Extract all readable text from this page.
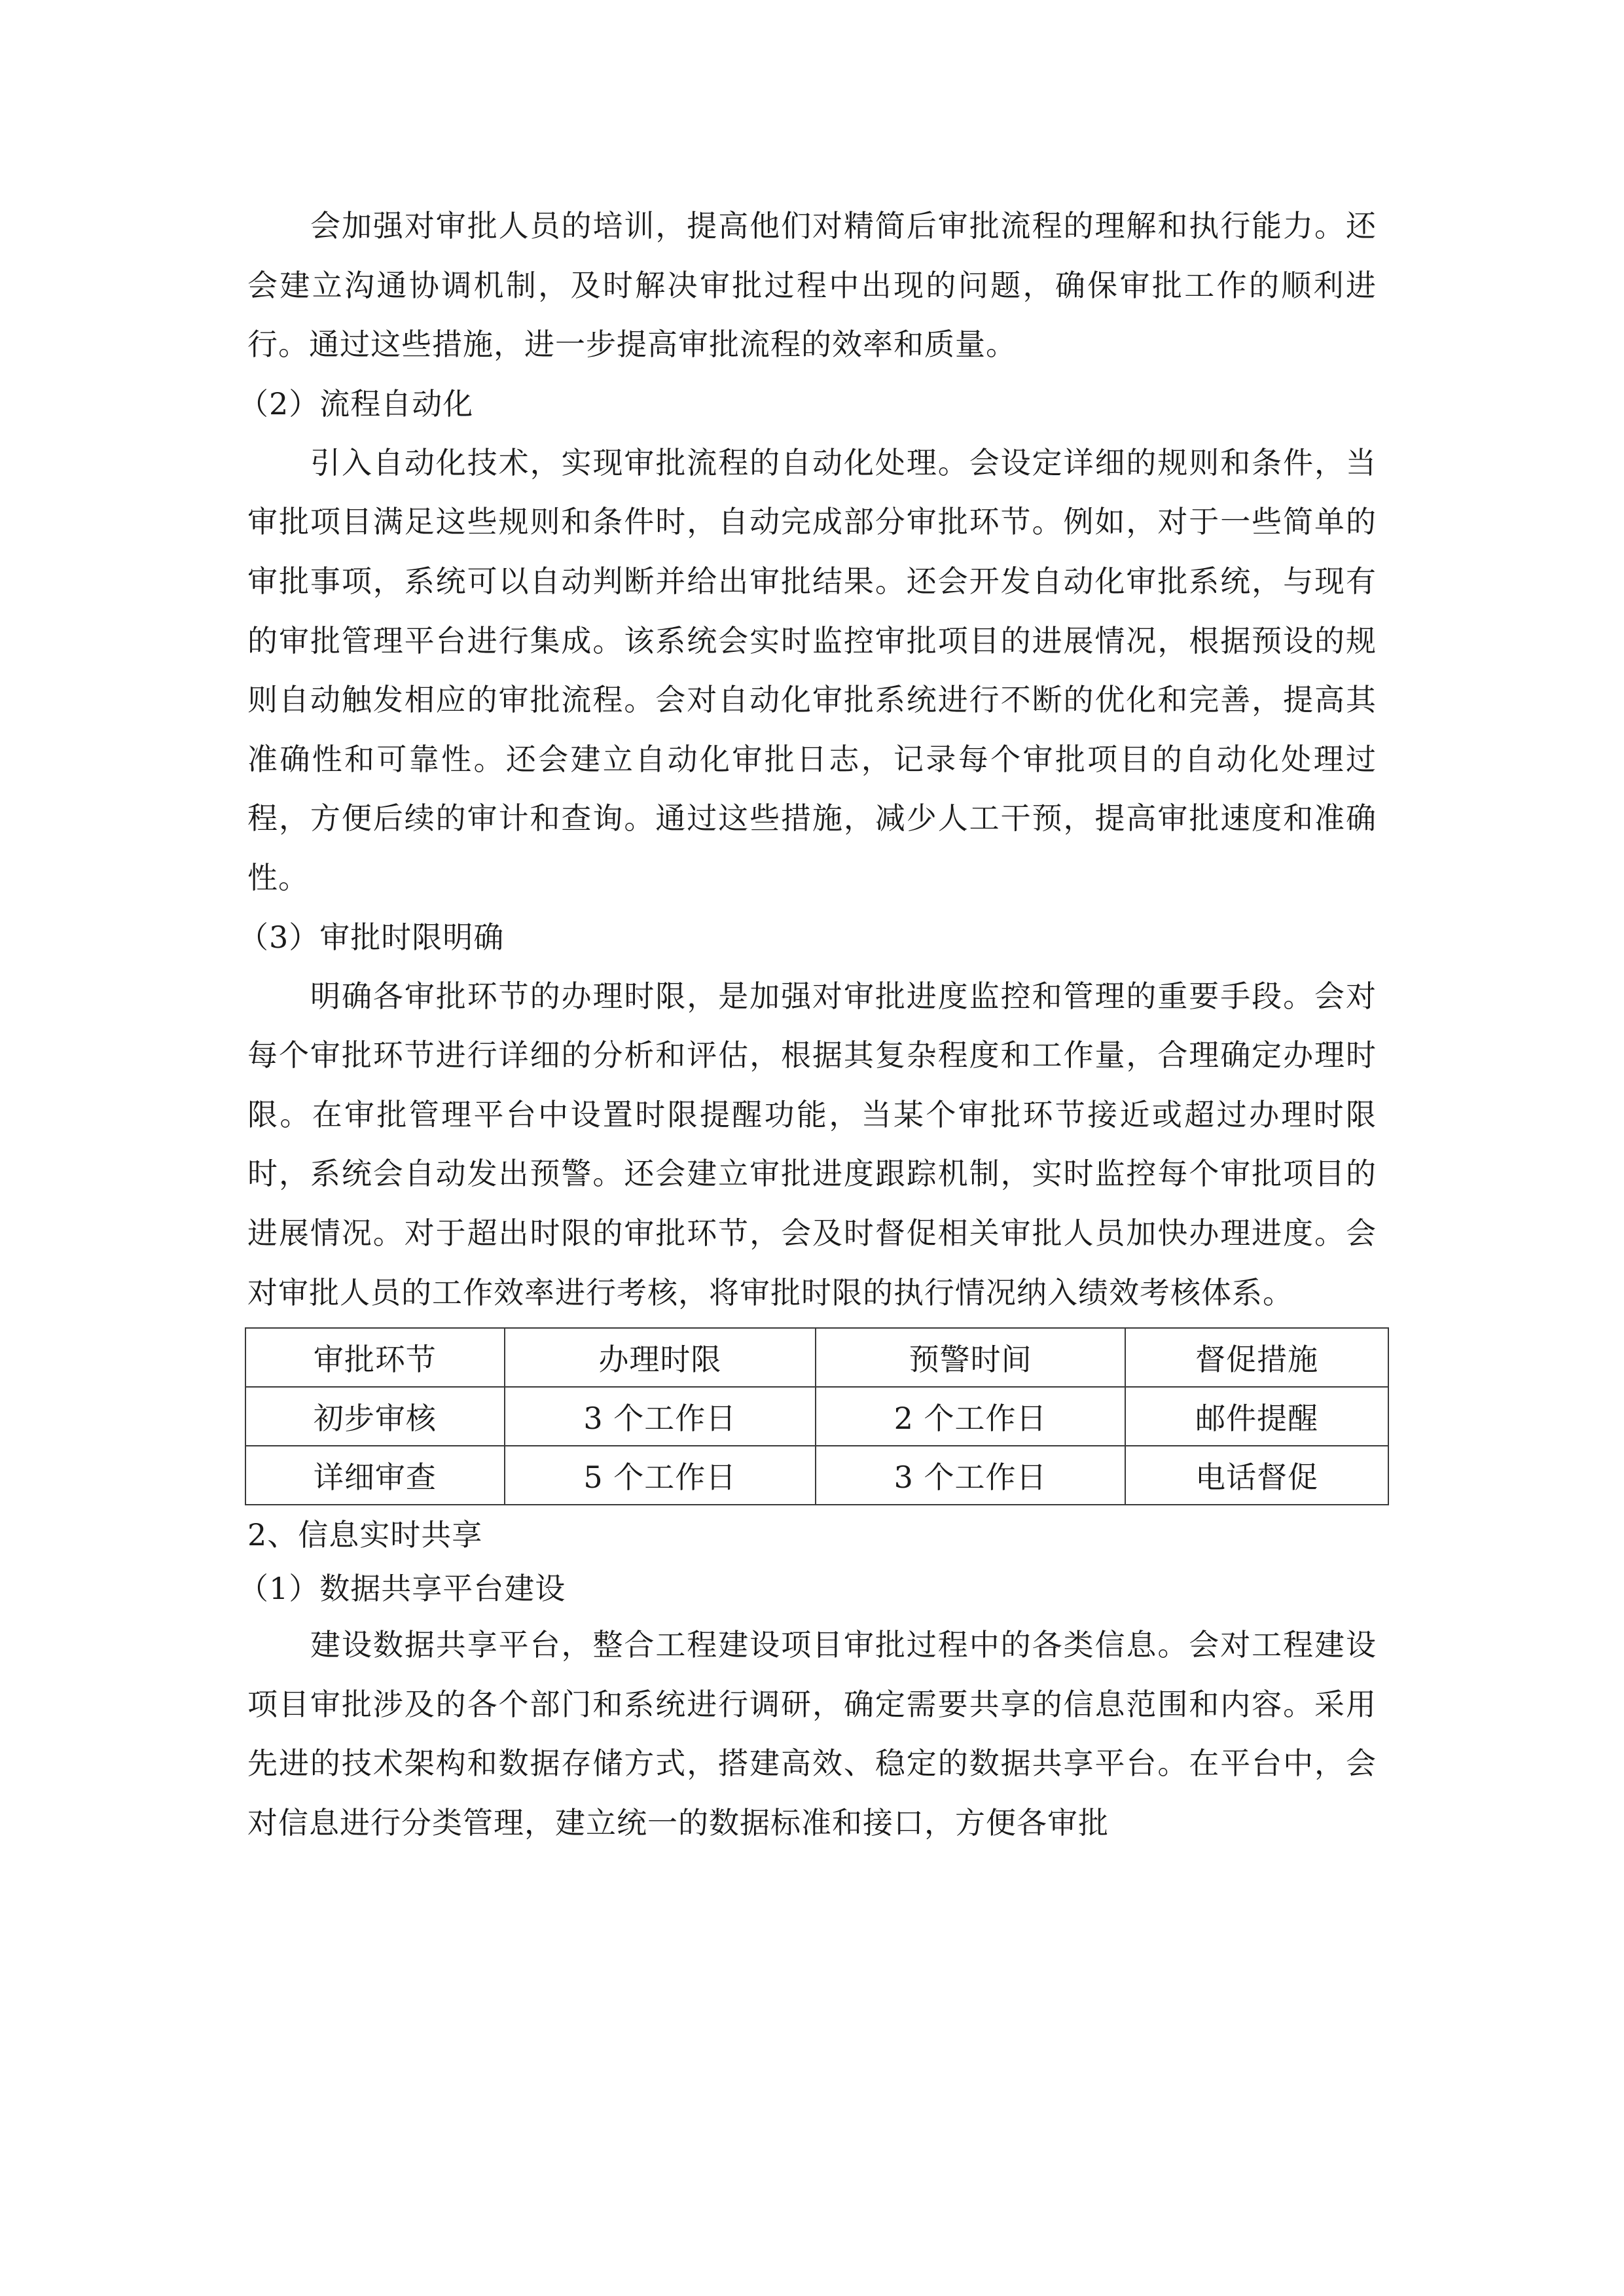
会加强对审批人员的培训，提高他们对精简后审批流程的理解和执行能力。还会建立沟通协调机制，及时解决审批过程中出现的问题，确保审批工作的顺利进行。通过这些措施，进一步提高审批流程的效率和质量。

（2）流程自动化

引入自动化技术，实现审批流程的自动化处理。会设定详细的规则和条件，当审批项目满足这些规则和条件时，自动完成部分审批环节。例如，对于一些简单的审批事项，系统可以自动判断并给出审批结果。还会开发自动化审批系统，与现有的审批管理平台进行集成。该系统会实时监控审批项目的进展情况，根据预设的规则自动触发相应的审批流程。会对自动化审批系统进行不断的优化和完善，提高其准确性和可靠性。还会建立自动化审批日志，记录每个审批项目的自动化处理过程，方便后续的审计和查询。通过这些措施，减少人工干预，提高审批速度和准确性。

（3）审批时限明确

明确各审批环节的办理时限，是加强对审批进度监控和管理的重要手段。会对每个审批环节进行详细的分析和评估，根据其复杂程度和工作量，合理确定办理时限。在审批管理平台中设置时限提醒功能，当某个审批环节接近或超过办理时限时，系统会自动发出预警。还会建立审批进度跟踪机制，实时监控每个审批项目的进展情况。对于超出时限的审批环节，会及时督促相关审批人员加快办理进度。会对审批人员的工作效率进行考核，将审批时限的执行情况纳入绩效考核体系。

审批环节	办理时限	预警时间	督促措施
初步审核	3 个工作日	2 个工作日	邮件提醒
详细审查	5 个工作日	3 个工作日	电话督促

2、信息实时共享

（1）数据共享平台建设

建设数据共享平台，整合工程建设项目审批过程中的各类信息。会对工程建设项目审批涉及的各个部门和系统进行调研，确定需要共享的信息范围和内容。采用先进的技术架构和数据存储方式，搭建高效、稳定的数据共享平台。在平台中，会对信息进行分类管理，建立统一的数据标准和接口，方便各审批
